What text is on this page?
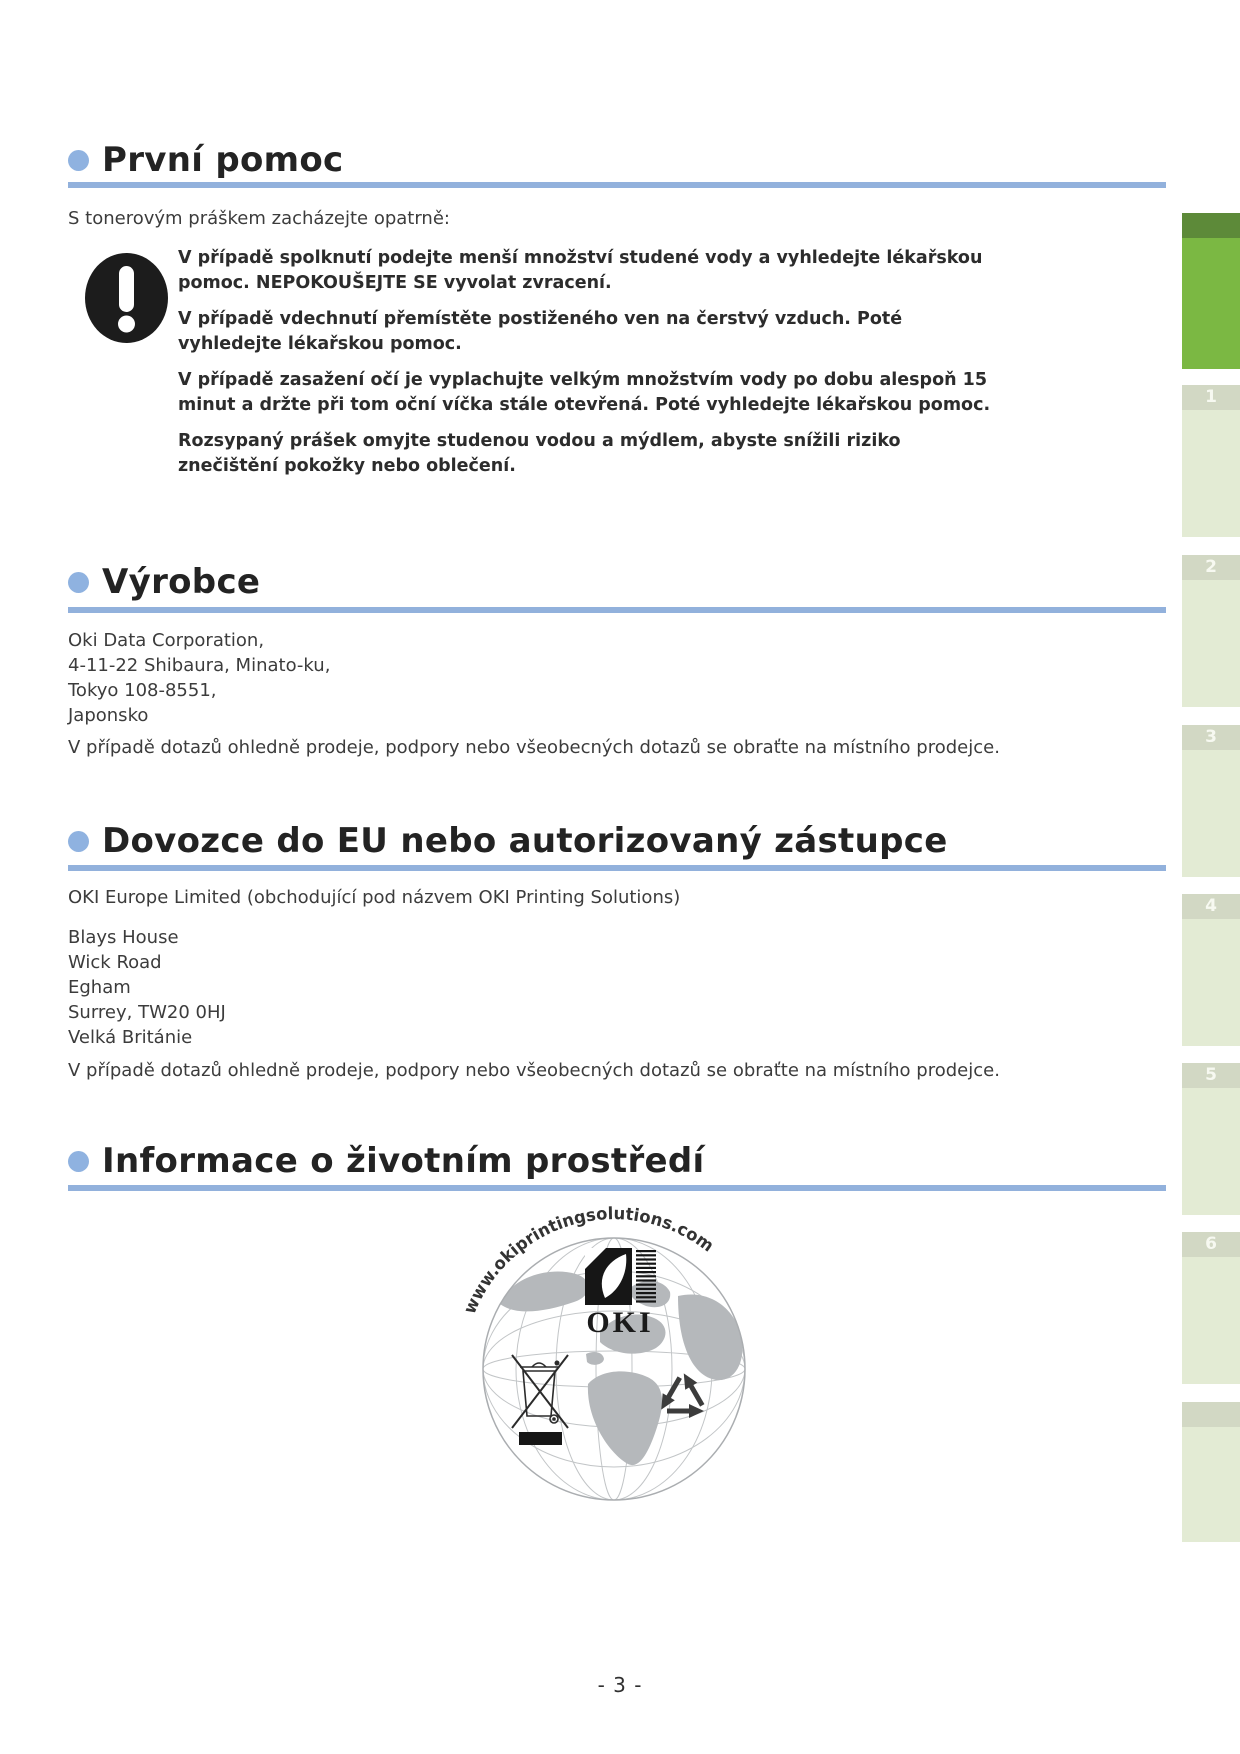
První pomoc
S tonerovým práškem zacházejte opatrně:
V případě spolknutí podejte menší množství studené vody a vyhledejte lékařskou
pomoc. NEPOKOUŠEJTE SE vyvolat zvracení.
V případě vdechnutí přemístěte postiženého ven na čerstvý vzduch. Poté
vyhledejte lékařskou pomoc.
V případě zasažení očí je vyplachujte velkým množstvím vody po dobu alespoň 15
minut a držte při tom oční víčka stále otevřená. Poté vyhledejte lékařskou pomoc.
Rozsypaný prášek omyjte studenou vodou a mýdlem, abyste snížili riziko
znečištění pokožky nebo oblečení.
Výrobce
Oki Data Corporation,
4-11-22 Shibaura, Minato-ku,
Tokyo 108-8551,
Japonsko
V případě dotazů ohledně prodeje, podpory nebo všeobecných dotazů se obraťte na místního prodejce.
Dovozce do EU nebo autorizovaný zástupce
OKI Europe Limited (obchodující pod názvem OKI Printing Solutions)
Blays House
Wick Road
Egham
Surrey, TW20 0HJ
Velká Británie
V případě dotazů ohledně prodeje, podpory nebo všeobecných dotazů se obraťte na místního prodejce.
Informace o životním prostředí
www.okiprintingsolutions.com
OKI
1
2
3
4
5
6
- 3 -
